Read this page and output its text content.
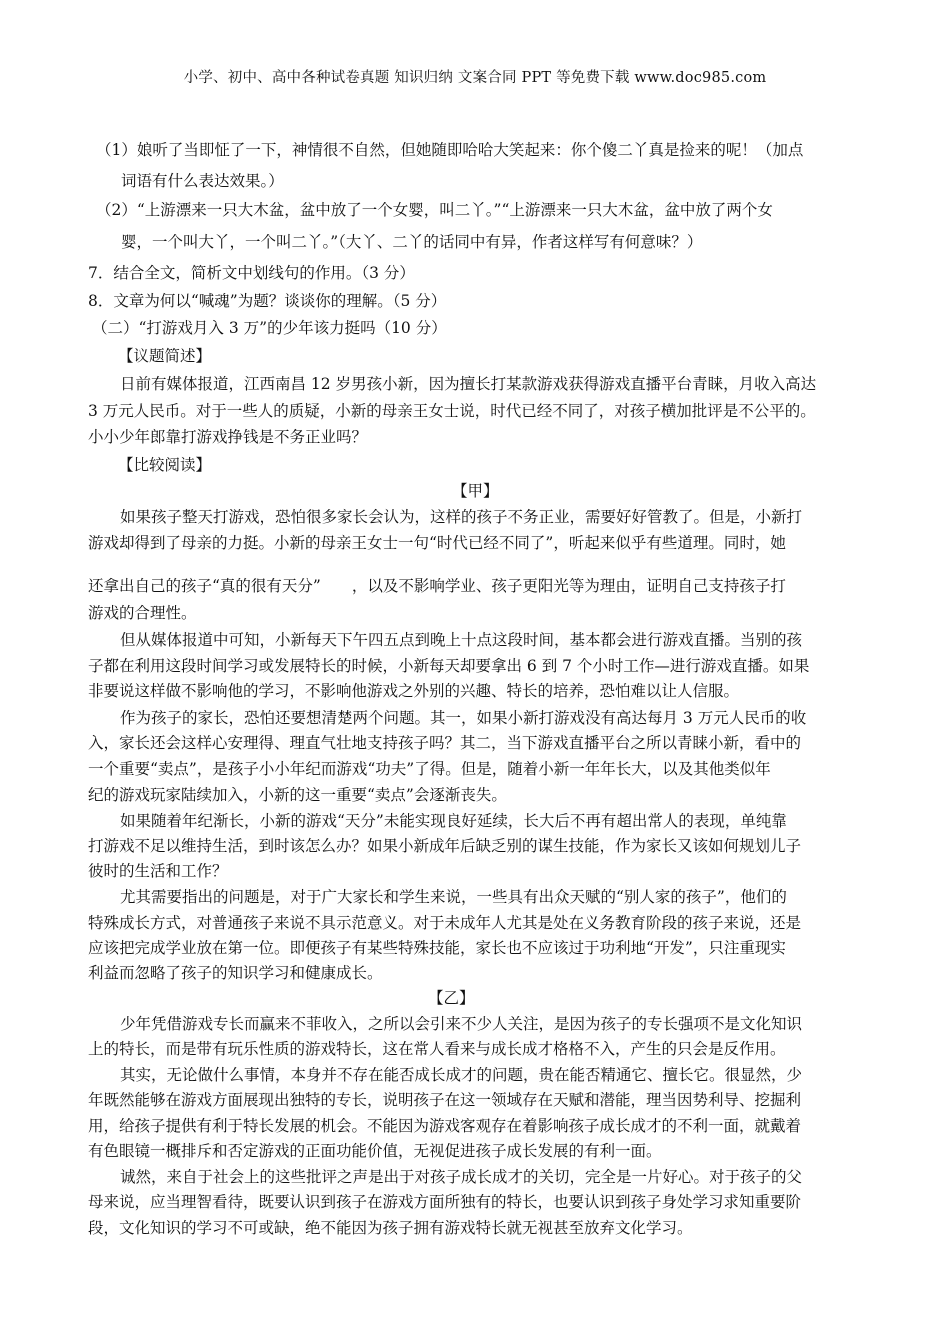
小学、初中、高中各种试卷真题 知识归纳 文案合同 PPT 等免费下载 www.doc985.com
（1）娘听了当即怔了一下，神情很不自然，但她随即哈哈大笑起来：你个傻二丫真是捡来的呢！（加点
词语有什么表达效果。）
（2）“上游漂来一只大木盆，盆中放了一个女婴，叫二丫。”“上游漂来一只大木盆，盆中放了两个女
婴，一个叫大丫，一个叫二丫。”（大丫、二丫的话同中有异，作者这样写有何意味？）
7．结合全文，简析文中划线句的作用。（3 分）
8．文章为何以“喊魂”为题？谈谈你的理解。（5 分）
（二）“打游戏月入 3 万”的少年该力挺吗（10 分）
【议题简述】
日前有媒体报道，江西南昌 12 岁男孩小新，因为擅长打某款游戏获得游戏直播平台青睐，月收入高达
3 万元人民币。对于一些人的质疑，小新的母亲王女士说，时代已经不同了，对孩子横加批评是不公平的。
小小少年郎靠打游戏挣钱是不务正业吗？
【比较阅读】
【甲】
如果孩子整天打游戏，恐怕很多家长会认为，这样的孩子不务正业，需要好好管教了。但是，小新打
游戏却得到了母亲的力挺。小新的母亲王女士一句“时代已经不同了”，听起来似乎有些道理。同时，她
还拿出自己的孩子“真的很有天分”　　，以及不影响学业、孩子更阳光等为理由，证明自己支持孩子打
游戏的合理性。
但从媒体报道中可知，小新每天下午四五点到晚上十点这段时间，基本都会进行游戏直播。当别的孩
子都在利用这段时间学习或发展特长的时候，小新每天却要拿出 6 到 7 个小时工作—进行游戏直播。如果
非要说这样做不影响他的学习，不影响他游戏之外别的兴趣、特长的培养，恐怕难以让人信服。
作为孩子的家长，恐怕还要想清楚两个问题。其一，如果小新打游戏没有高达每月 3 万元人民币的收
入，家长还会这样心安理得、理直气壮地支持孩子吗？其二，当下游戏直播平台之所以青睐小新，看中的
一个重要“卖点”，是孩子小小年纪而游戏“功夫”了得。但是，随着小新一年年长大，以及其他类似年
纪的游戏玩家陆续加入，小新的这一重要“卖点”会逐渐丧失。
如果随着年纪渐长，小新的游戏“天分”未能实现良好延续，长大后不再有超出常人的表现，单纯靠
打游戏不足以维持生活，到时该怎么办？如果小新成年后缺乏别的谋生技能，作为家长又该如何规划儿子
彼时的生活和工作？
尤其需要指出的问题是，对于广大家长和学生来说，一些具有出众天赋的“别人家的孩子”，他们的
特殊成长方式，对普通孩子来说不具示范意义。对于未成年人尤其是处在义务教育阶段的孩子来说，还是
应该把完成学业放在第一位。即便孩子有某些特殊技能，家长也不应该过于功利地“开发”，只注重现实
利益而忽略了孩子的知识学习和健康成长。
【乙】
少年凭借游戏专长而赢来不菲收入，之所以会引来不少人关注，是因为孩子的专长强项不是文化知识
上的特长，而是带有玩乐性质的游戏特长，这在常人看来与成长成才格格不入，产生的只会是反作用。
其实，无论做什么事情，本身并不存在能否成长成才的问题，贵在能否精通它、擅长它。很显然，少
年既然能够在游戏方面展现出独特的专长，说明孩子在这一领域存在天赋和潜能，理当因势利导、挖掘利
用，给孩子提供有利于特长发展的机会。不能因为游戏客观存在着影响孩子成长成才的不利一面，就戴着
有色眼镜一概排斥和否定游戏的正面功能价值，无视促进孩子成长发展的有利一面。
诚然，来自于社会上的这些批评之声是出于对孩子成长成才的关切，完全是一片好心。对于孩子的父
母来说，应当理智看待，既要认识到孩子在游戏方面所独有的特长，也要认识到孩子身处学习求知重要阶
段，文化知识的学习不可或缺，绝不能因为孩子拥有游戏特长就无视甚至放弃文化学习。
